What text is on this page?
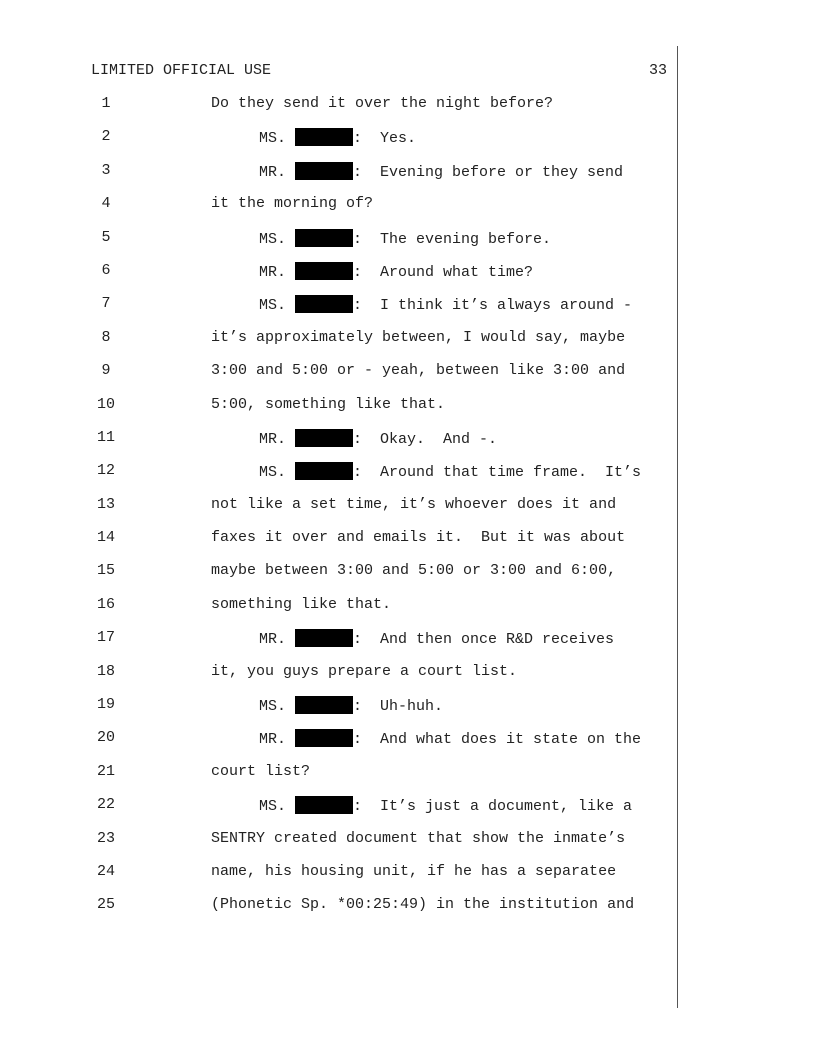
LIMITED OFFICIAL USE	33
1	Do they send it over the night before?
2	MS.	:  Yes.
3	MR.	:  Evening before or they send
4	it the morning of?
5	MS.	:  The evening before.
6	MR.	:  Around what time?
7	MS.	:  I think it’s always around -
8	it’s approximately between, I would say, maybe
9	3:00 and 5:00 or - yeah, between like 3:00 and
10	5:00, something like that.
11	MR.	:  Okay.  And -.
12	MS.	:  Around that time frame.  It’s
13	not like a set time, it’s whoever does it and
14	faxes it over and emails it.  But it was about
15	maybe between 3:00 and 5:00 or 3:00 and 6:00,
16	something like that.
17	MR.	:  And then once R&D receives
18	it, you guys prepare a court list.
19	MS.	:  Uh-huh.
20	MR.	:  And what does it state on the
21	court list?
22	MS.	:  It’s just a document, like a
23	SENTRY created document that show the inmate’s
24	name, his housing unit, if he has a separatee
25	(Phonetic Sp. *00:25:49) in the institution and
